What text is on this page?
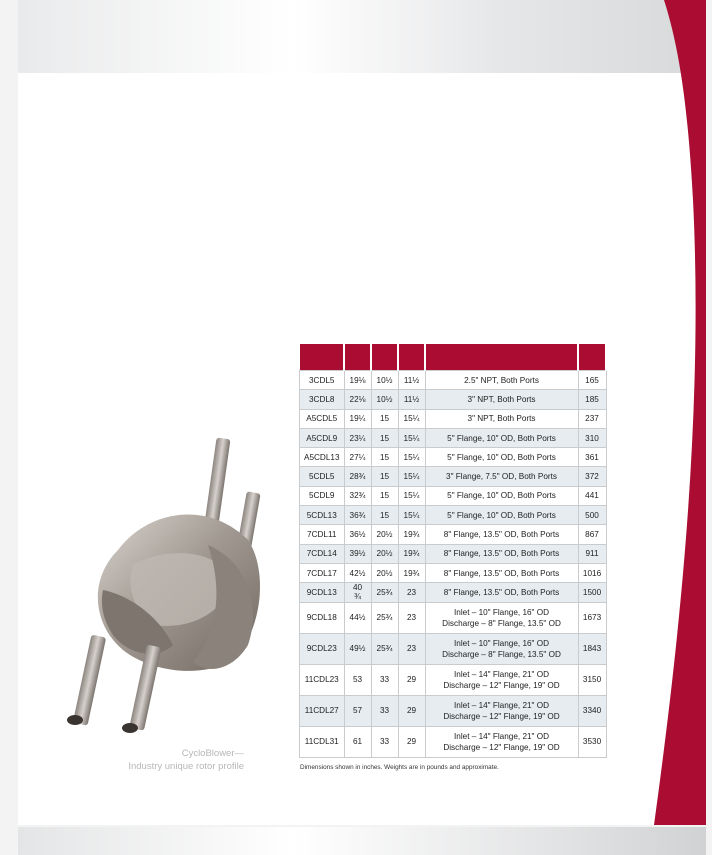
3CDL5	19⅛	10½	11½	2.5" NPT, Both Ports	165
3CDL8	22⅛	10½	11½	3" NPT, Both Ports	185
A5CDL5	19¼	15	15¼	3" NPT, Both Ports	237
A5CDL9	23¼	15	15¼	5" Flange, 10" OD, Both Ports	310
A5CDL13	27¼	15	15¼	5" Flange, 10" OD, Both Ports	361
5CDL5	28¾	15	15¼	3" Flange, 7.5" OD, Both Ports	372
5CDL9	32¾	15	15¼	5" Flange, 10" OD, Both Ports	441
5CDL13	36¾	15	15¼	5" Flange, 10" OD, Both Ports	500
7CDL11	36½	20½	19¾	8" Flange, 13.5" OD, Both Ports	867
7CDL14	39½	20½	19¾	8" Flange, 13.5" OD, Both Ports	911
7CDL17	42½	20½	19¾	8" Flange, 13.5" OD, Both Ports	1016
9CDL13	40 ¾	25¾	23	8" Flange, 13.5" OD, Both Ports	1500
9CDL18	44½	25¾	23	Inlet – 10" Flange, 16" OD
Discharge – 8" Flange, 13.5" OD	1673
9CDL23	49½	25¾	23	Inlet – 10" Flange, 16" OD
Discharge – 8" Flange, 13.5" OD	1843
11CDL23	53	33	29	Inlet – 14" Flange, 21" OD
Discharge – 12" Flange, 19" OD	3150
11CDL27	57	33	29	Inlet – 14" Flange, 21" OD
Discharge – 12" Flange, 19" OD	3340
11CDL31	61	33	29	Inlet – 14" Flange, 21" OD
Discharge – 12" Flange, 19" OD	3530
Dimensions shown in inches. Weights are in pounds and approximate.
CycloBlower—
Industry unique rotor profile
